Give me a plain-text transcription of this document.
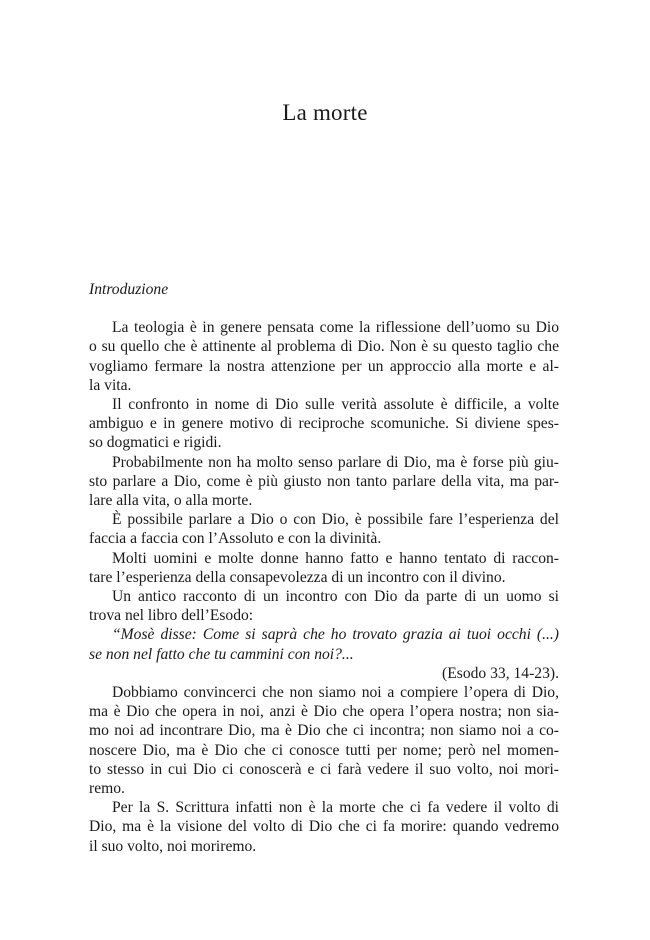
La morte
Introduzione
La teologia è in genere pensata come la riflessione dell’uomo su Dio
o su quello che è attinente al problema di Dio. Non è su questo taglio che
vogliamo fermare la nostra attenzione per un approccio alla morte e al-
la vita.
Il confronto in nome di Dio sulle verità assolute è difficile, a volte
ambiguo e in genere motivo di reciproche scomuniche. Si diviene spes-
so dogmatici e rigidi.
Probabilmente non ha molto senso parlare di Dio, ma è forse più giu-
sto parlare a Dio, come è più giusto non tanto parlare della vita, ma par-
lare alla vita, o alla morte.
È possibile parlare a Dio o con Dio, è possibile fare l’esperienza del
faccia a faccia con l’Assoluto e con la divinità.
Molti uomini e molte donne hanno fatto e hanno tentato di raccon-
tare l’esperienza della consapevolezza di un incontro con il divino.
Un antico racconto di un incontro con Dio da parte di un uomo si
trova nel libro dell’Esodo:
“Mosè disse: Come si saprà che ho trovato grazia ai tuoi occhi (...)
se non nel fatto che tu cammini con noi?...
(Esodo 33, 14-23).
Dobbiamo convincerci che non siamo noi a compiere l’opera di Dio,
ma è Dio che opera in noi, anzi è Dio che opera l’opera nostra; non sia-
mo noi ad incontrare Dio, ma è Dio che ci incontra; non siamo noi a co-
noscere Dio, ma è Dio che ci conosce tutti per nome; però nel momen-
to stesso in cui Dio ci conoscerà e ci farà vedere il suo volto, noi mori-
remo.
Per la S. Scrittura infatti non è la morte che ci fa vedere il volto di
Dio, ma è la visione del volto di Dio che ci fa morire: quando vedremo
il suo volto, noi moriremo.
